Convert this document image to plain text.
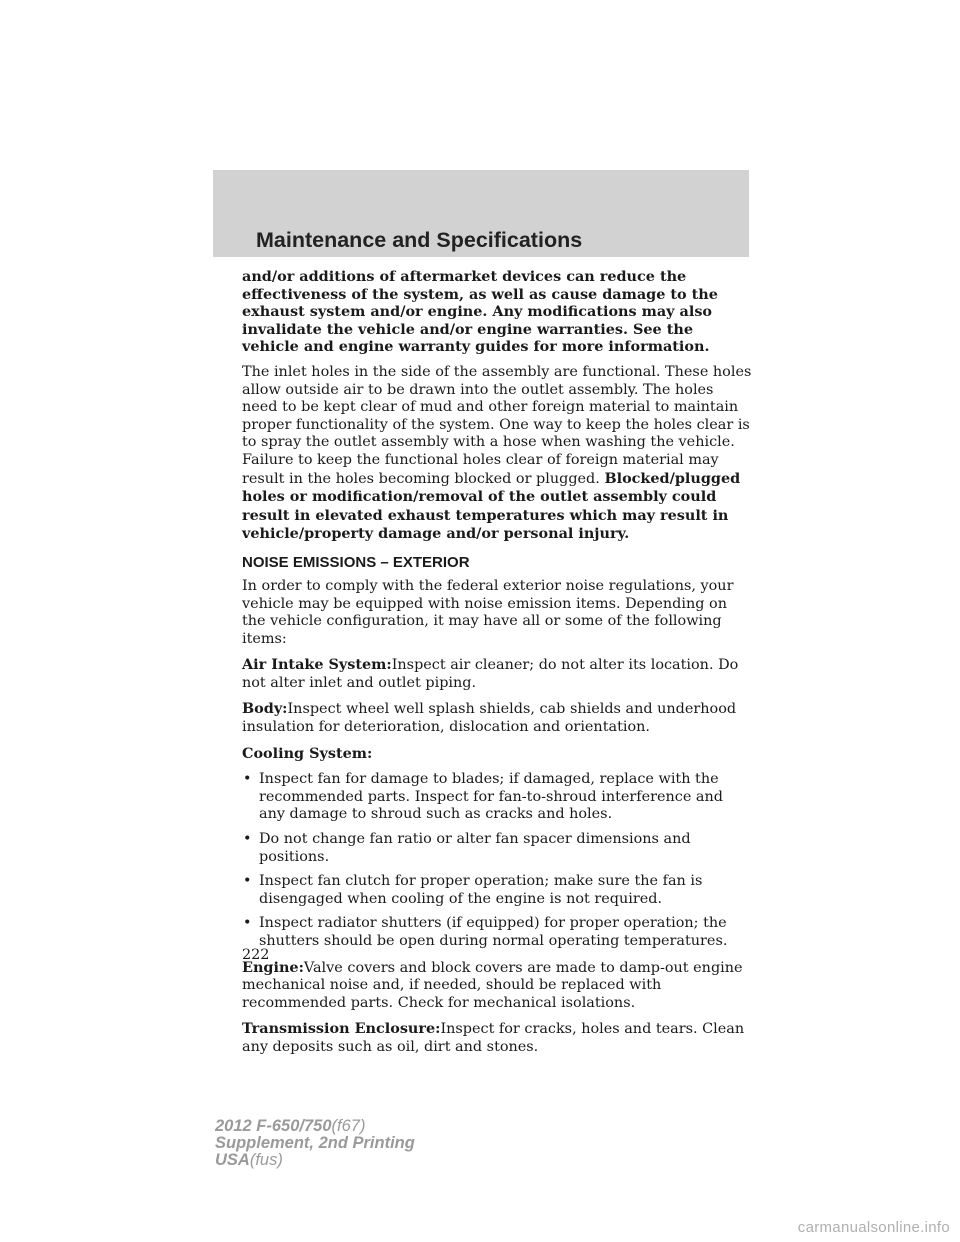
Maintenance and Specifications

and/or additions of aftermarket devices can reduce the effectiveness of the system, as well as cause damage to the exhaust system and/or engine. Any modifications may also invalidate the vehicle and/or engine warranties. See the vehicle and engine warranty guides for more information.

The inlet holes in the side of the assembly are functional. These holes allow outside air to be drawn into the outlet assembly. The holes need to be kept clear of mud and other foreign material to maintain proper functionality of the system. One way to keep the holes clear is to spray the outlet assembly with a hose when washing the vehicle. Failure to keep the functional holes clear of foreign material may result in the holes becoming blocked or plugged. Blocked/plugged holes or modification/removal of the outlet assembly could result in elevated exhaust temperatures which may result in vehicle/property damage and/or personal injury.

NOISE EMISSIONS – EXTERIOR

In order to comply with the federal exterior noise regulations, your vehicle may be equipped with noise emission items. Depending on the vehicle configuration, it may have all or some of the following items:

Air Intake System:Inspect air cleaner; do not alter its location. Do not alter inlet and outlet piping.

Body:Inspect wheel well splash shields, cab shields and underhood insulation for deterioration, dislocation and orientation.

Cooling System:

• Inspect fan for damage to blades; if damaged, replace with the recommended parts. Inspect for fan-to-shroud interference and any damage to shroud such as cracks and holes.
• Do not change fan ratio or alter fan spacer dimensions and positions.
• Inspect fan clutch for proper operation; make sure the fan is disengaged when cooling of the engine is not required.
• Inspect radiator shutters (if equipped) for proper operation; the shutters should be open during normal operating temperatures.

Engine:Valve covers and block covers are made to damp-out engine mechanical noise and, if needed, should be replaced with recommended parts. Check for mechanical isolations.

Transmission Enclosure:Inspect for cracks, holes and tears. Clean any deposits such as oil, dirt and stones.

222
2012 F-650/750(f67)
Supplement, 2nd Printing
USA(fus)
carmanualsonline.info
